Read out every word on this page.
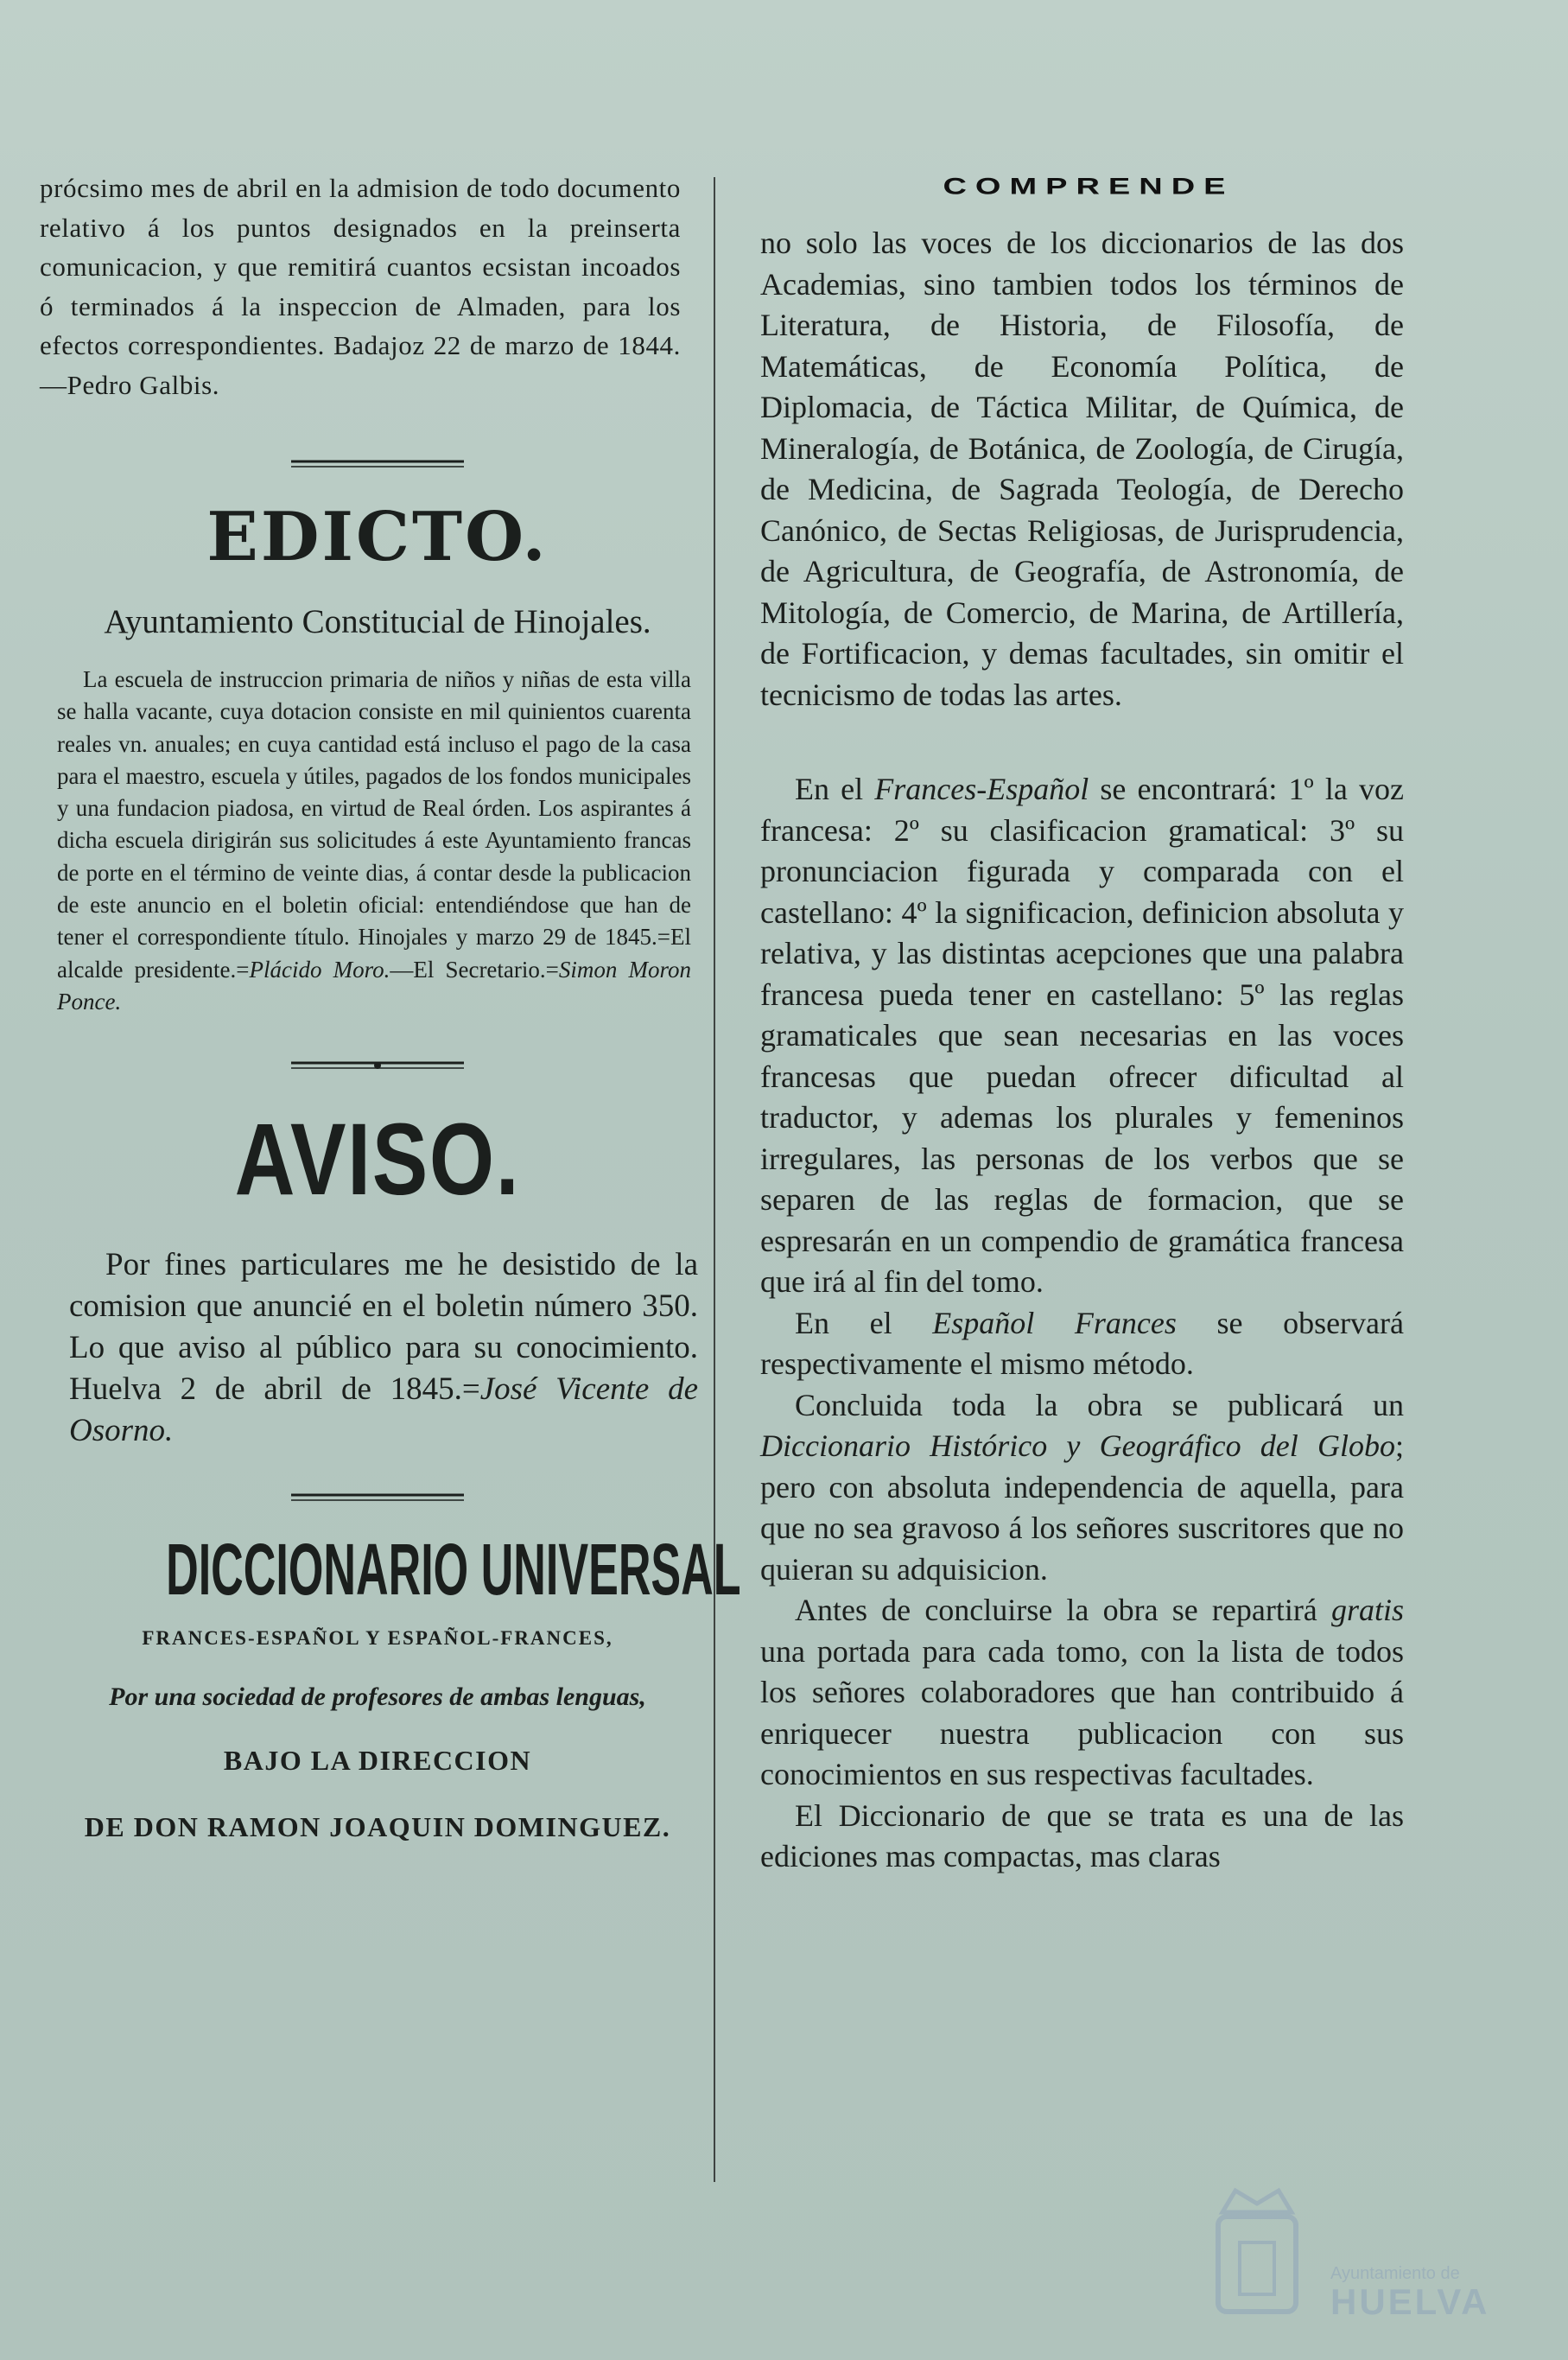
prócsimo mes de abril en la admision de todo documento relativo á los puntos designados en la preinserta comunicacion, y que remitirá cuantos ecsistan incoados ó terminados á la inspeccion de Almaden, para los efectos correspondientes. Badajoz 22 de marzo de 1844.—Pedro Galbis.

EDICTO.
Ayuntamiento Constitucial de Hinojales.

La escuela de instruccion primaria de niños y niñas de esta villa se halla vacante, cuya dotacion consiste en mil quinientos cuarenta reales vn. anuales; en cuya cantidad está incluso el pago de la casa para el maestro, escuela y útiles, pagados de los fondos municipales y una fundacion piadosa, en virtud de Real órden. Los aspirantes á dicha escuela dirigirán sus solicitudes á este Ayuntamiento francas de porte en el término de veinte dias, á contar desde la publicacion de este anuncio en el boletin oficial: entendiéndose que han de tener el correspondiente título. Hinojales y marzo 29 de 1845.=El alcalde presidente.=Plácido Moro.—El Secretario.=Simon Moron Ponce.

AVISO.

Por fines particulares me he desistido de la comision que anuncié en el boletin número 350. Lo que aviso al público para su conocimiento. Huelva 2 de abril de 1845.=José Vicente de Osorno.

DICCIONARIO UNIVERSAL
FRANCES-ESPAÑOL Y ESPAÑOL-FRANCES,
Por una sociedad de profesores de ambas lenguas,
BAJO LA DIRECCION
DE DON RAMON JOAQUIN DOMINGUEZ.
COMPRENDE

no solo las voces de los diccionarios de las dos Academias, sino tambien todos los términos de Literatura, de Historia, de Filosofía, de Matemáticas, de Economía Política, de Diplomacia, de Táctica Militar, de Química, de Mineralogía, de Botánica, de Zoología, de Cirugía, de Medicina, de Sagrada Teología, de Derecho Canónico, de Sectas Religiosas, de Jurisprudencia, de Agricultura, de Geografía, de Astronomía, de Mitología, de Comercio, de Marina, de Artillería, de Fortificacion, y demas facultades, sin omitir el tecnicismo de todas las artes.

En el Frances-Español se encontrará: 1º la voz francesa: 2º su clasificacion gramatical: 3º su pronunciacion figurada y comparada con el castellano: 4º la significacion, definicion absoluta y relativa, y las distintas acepciones que una palabra francesa pueda tener en castellano: 5º las reglas gramaticales que sean necesarias en las voces francesas que puedan ofrecer dificultad al traductor, y ademas los plurales y femeninos irregulares, las personas de los verbos que se separen de las reglas de formacion, que se espresarán en un compendio de gramática francesa que irá al fin del tomo.

En el Español Frances se observará respectivamente el mismo método.

Concluida toda la obra se publicará un Diccionario Histórico y Geográfico del Globo; pero con absoluta independencia de aquella, para que no sea gravoso á los señores suscritores que no quieran su adquisicion.

Antes de concluirse la obra se repartirá gratis una portada para cada tomo, con la lista de todos los señores colaboradores que han contribuido á enriquecer nuestra publicacion con sus conocimientos en sus respectivas facultades.

El Diccionario de que se trata es una de las ediciones mas compactas, mas claras

Ayuntamiento de
HUELVA
